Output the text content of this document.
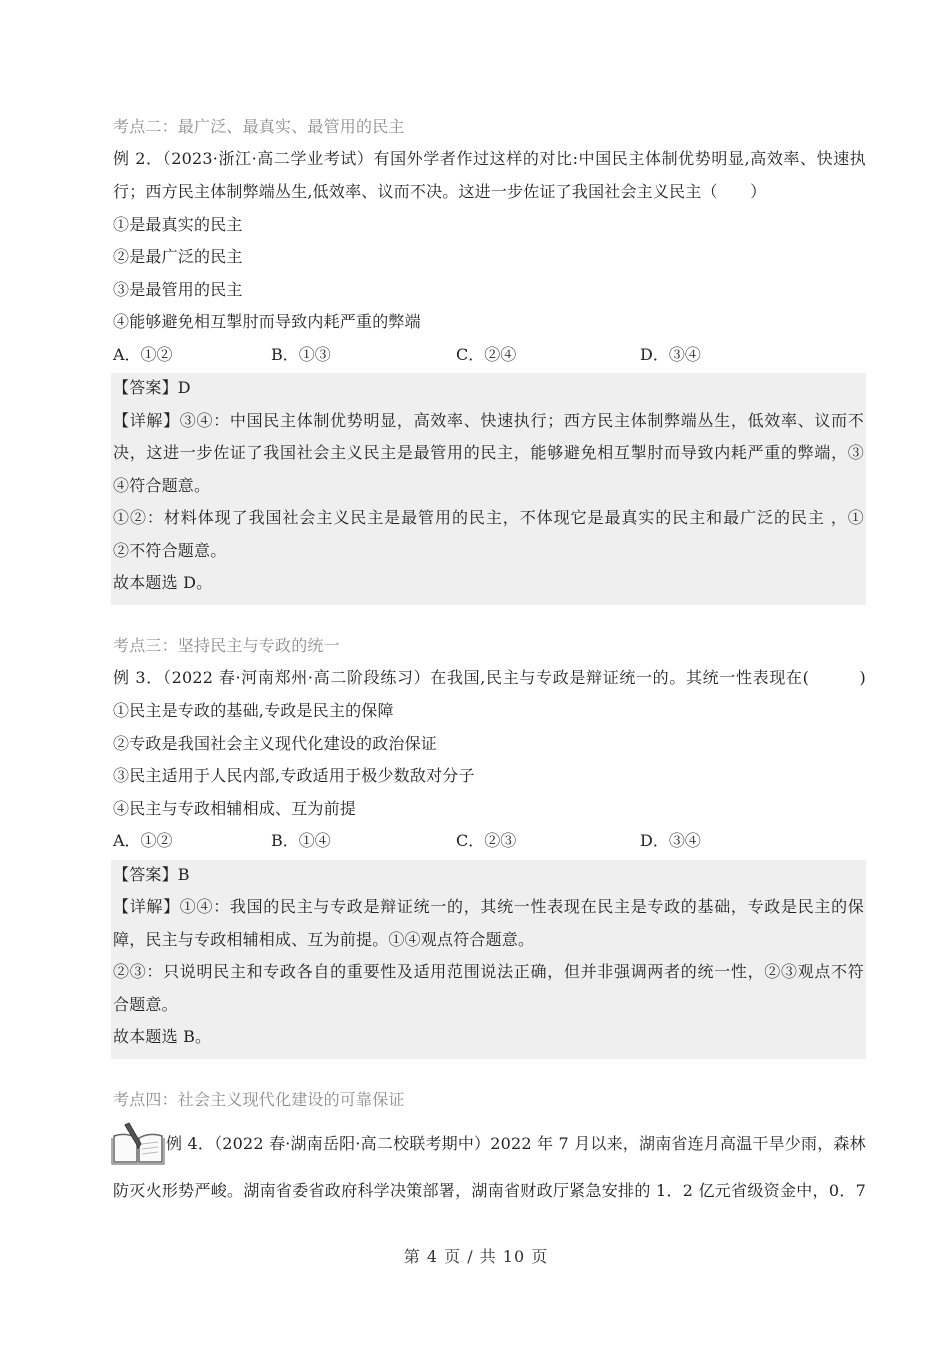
考点二：最广泛、最真实、最管用的民主
例 2．（2023·浙江·高二学业考试）有国外学者作过这样的对比:中国民主体制优势明显,高效率、快速执
行；西方民主体制弊端丛生,低效率、议而不决。这进一步佐证了我国社会主义民主（　　）
①是最真实的民主
②是最广泛的民主
③是最管用的民主
④能够避免相互掣肘而导致内耗严重的弊端
A．①②	B．①③	C．②④	D．③④
【答案】D
【详解】③④：中国民主体制优势明显，高效率、快速执行；西方民主体制弊端丛生，低效率、议而不
决，这进一步佐证了我国社会主义民主是最管用的民主，能够避免相互掣肘而导致内耗严重的弊端，③
④符合题意。
①②：材料体现了我国社会主义民主是最管用的民主，不体现它是最真实的民主和最广泛的民主 ，①
②不符合题意。
故本题选 D。
考点三：坚持民主与专政的统一
例 3．（2022 春·河南郑州·高二阶段练习）在我国,民主与专政是辩证统一的。其统一性表现在(　　　)
①民主是专政的基础,专政是民主的保障
②专政是我国社会主义现代化建设的政治保证
③民主适用于人民内部,专政适用于极少数敌对分子
④民主与专政相辅相成、互为前提
A．①②	B．①④	C．②③	D．③④
【答案】B
【详解】①④：我国的民主与专政是辩证统一的，其统一性表现在民主是专政的基础，专政是民主的保
障，民主与专政相辅相成、互为前提。①④观点符合题意。
②③：只说明民主和专政各自的重要性及适用范围说法正确，但并非强调两者的统一性，②③观点不符
合题意。
故本题选 B。
考点四：社会主义现代化建设的可靠保证
例 4．（2022 春·湖南岳阳·高二校联考期中）2022 年 7 月以来，湖南省连月高温干旱少雨，森林
防灭火形势严峻。湖南省委省政府科学决策部署，湖南省财政厅紧急安排的 1．2 亿元省级资金中，0．7
第 4 页 / 共 10 页
